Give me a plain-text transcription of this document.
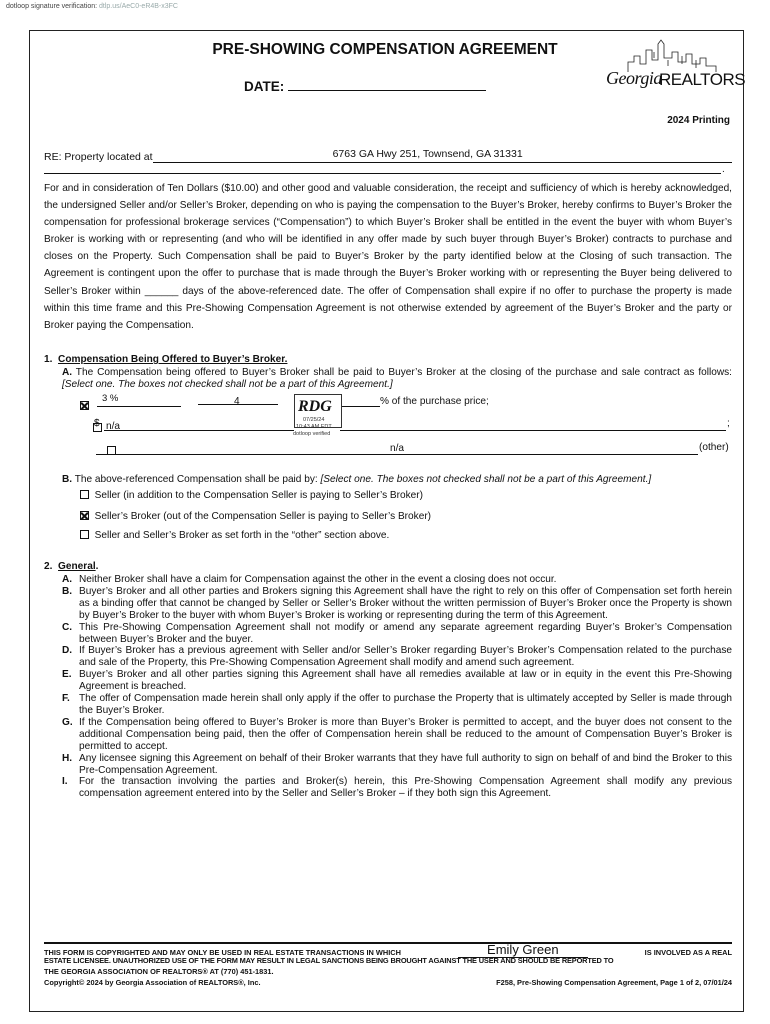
dotloop signature verification: dtlp.us/AeC0-eR4B-x3FC
PRE-SHOWING COMPENSATION AGREEMENT
DATE:	Georgia
REALTORS
2024 Printing
RE: Property located at	6763 GA Hwy 251, Townsend, GA 31331
.
For and in consideration of Ten Dollars ($10.00) and other good and valuable consideration, the receipt and sufficiency of which is hereby acknowledged, the undersigned Seller and/or Seller’s Broker, depending on who is paying the compensation to the Buyer’s Broker, hereby confirms to Buyer’s Broker the compensation for professional brokerage services (“Compensation”) to which Buyer’s Broker shall be entitled in the event the buyer with whom Buyer’s Broker is working with or representing (and who will be identified in any offer made by such buyer through Buyer’s Broker) contracts to purchase and closes on the Property. Such Compensation shall be paid to Buyer’s Broker by the party identified below at the Closing of such transaction. The Agreement is contingent upon the offer to purchase that is made through the Buyer’s Broker working with or representing the Buyer being delivered to Seller’s Broker within ______ days of the above-referenced date. The offer of Compensation shall expire if no offer to purchase the property is made within this time frame and this Pre-Showing Compensation Agreement is not otherwise extended by agreement of the Buyer’s Broker and the party or Broker paying the Compensation.
1. Compensation Being Offered to Buyer’s Broker.
A. The Compensation being offered to Buyer’s Broker shall be paid to Buyer’s Broker at the closing of the purchase and sale contract as follows: [Select one. The boxes not checked shall not be a part of this Agreement.]

3 %	4	% of the purchase price;
RDG
07/25/24
10:43 AM EDT
dotloop verified

$ n/a	;
n/a	(other)
B. The above-referenced Compensation shall be paid by: [Select one. The boxes not checked shall not be a part of this Agreement.]
Seller (in addition to the Compensation Seller is paying to Seller’s Broker)
Seller’s Broker (out of the Compensation Seller is paying to Seller’s Broker)
Seller and Seller’s Broker as set forth in the “other” section above.
2. General.
A. Neither Broker shall have a claim for Compensation against the other in the event a closing does not occur.
B. Buyer’s Broker and all other parties and Brokers signing this Agreement shall have the right to rely on this offer of Compensation set forth herein as a binding offer that cannot be changed by Seller or Seller’s Broker without the written permission of Buyer’s Broker once the Property is shown by Buyer’s Broker to the buyer with whom Buyer’s Broker is working or representing during the term of this Agreement.
C. This Pre-Showing Compensation Agreement shall not modify or amend any separate agreement regarding Buyer’s Broker’s Compensation between Buyer’s Broker and the buyer.
D. If Buyer’s Broker has a previous agreement with Seller and/or Seller’s Broker regarding Buyer’s Broker’s Compensation related to the purchase and sale of the Property, this Pre-Showing Compensation Agreement shall modify and amend such agreement.
E. Buyer’s Broker and all other parties signing this Agreement shall have all remedies available at law or in equity in the event this Pre-Showing Agreement is breached.
F. The offer of Compensation made herein shall only apply if the offer to purchase the Property that is ultimately accepted by Seller is made through the Buyer’s Broker.
G. If the Compensation being offered to Buyer’s Broker is more than Buyer’s Broker is permitted to accept, and the buyer does not consent to the additional Compensation being paid, then the offer of Compensation herein shall be reduced to the amount of Compensation Buyer’s Broker is permitted to accept.
H. Any licensee signing this Agreement on behalf of their Broker warrants that they have full authority to sign on behalf of and bind the Broker to this Pre-Compensation Agreement.
I. For the transaction involving the parties and Broker(s) herein, this Pre-Showing Compensation Agreement shall modify any previous compensation agreement entered into by the Seller and Seller’s Broker – if they both sign this Agreement.
THIS FORM IS COPYRIGHTED AND MAY ONLY BE USED IN REAL ESTATE TRANSACTIONS IN WHICH	Emily Green	IS INVOLVED AS A REAL
ESTATE LICENSEE. UNAUTHORIZED USE OF THE FORM MAY RESULT IN LEGAL SANCTIONS BEING BROUGHT AGAINST THE USER AND SHOULD BE REPORTED TO
THE GEORGIA ASSOCIATION OF REALTORS® AT (770) 451-1831.
Copyright© 2024 by Georgia Association of REALTORS®, Inc.	F258, Pre-Showing Compensation Agreement, Page 1 of 2, 07/01/24
